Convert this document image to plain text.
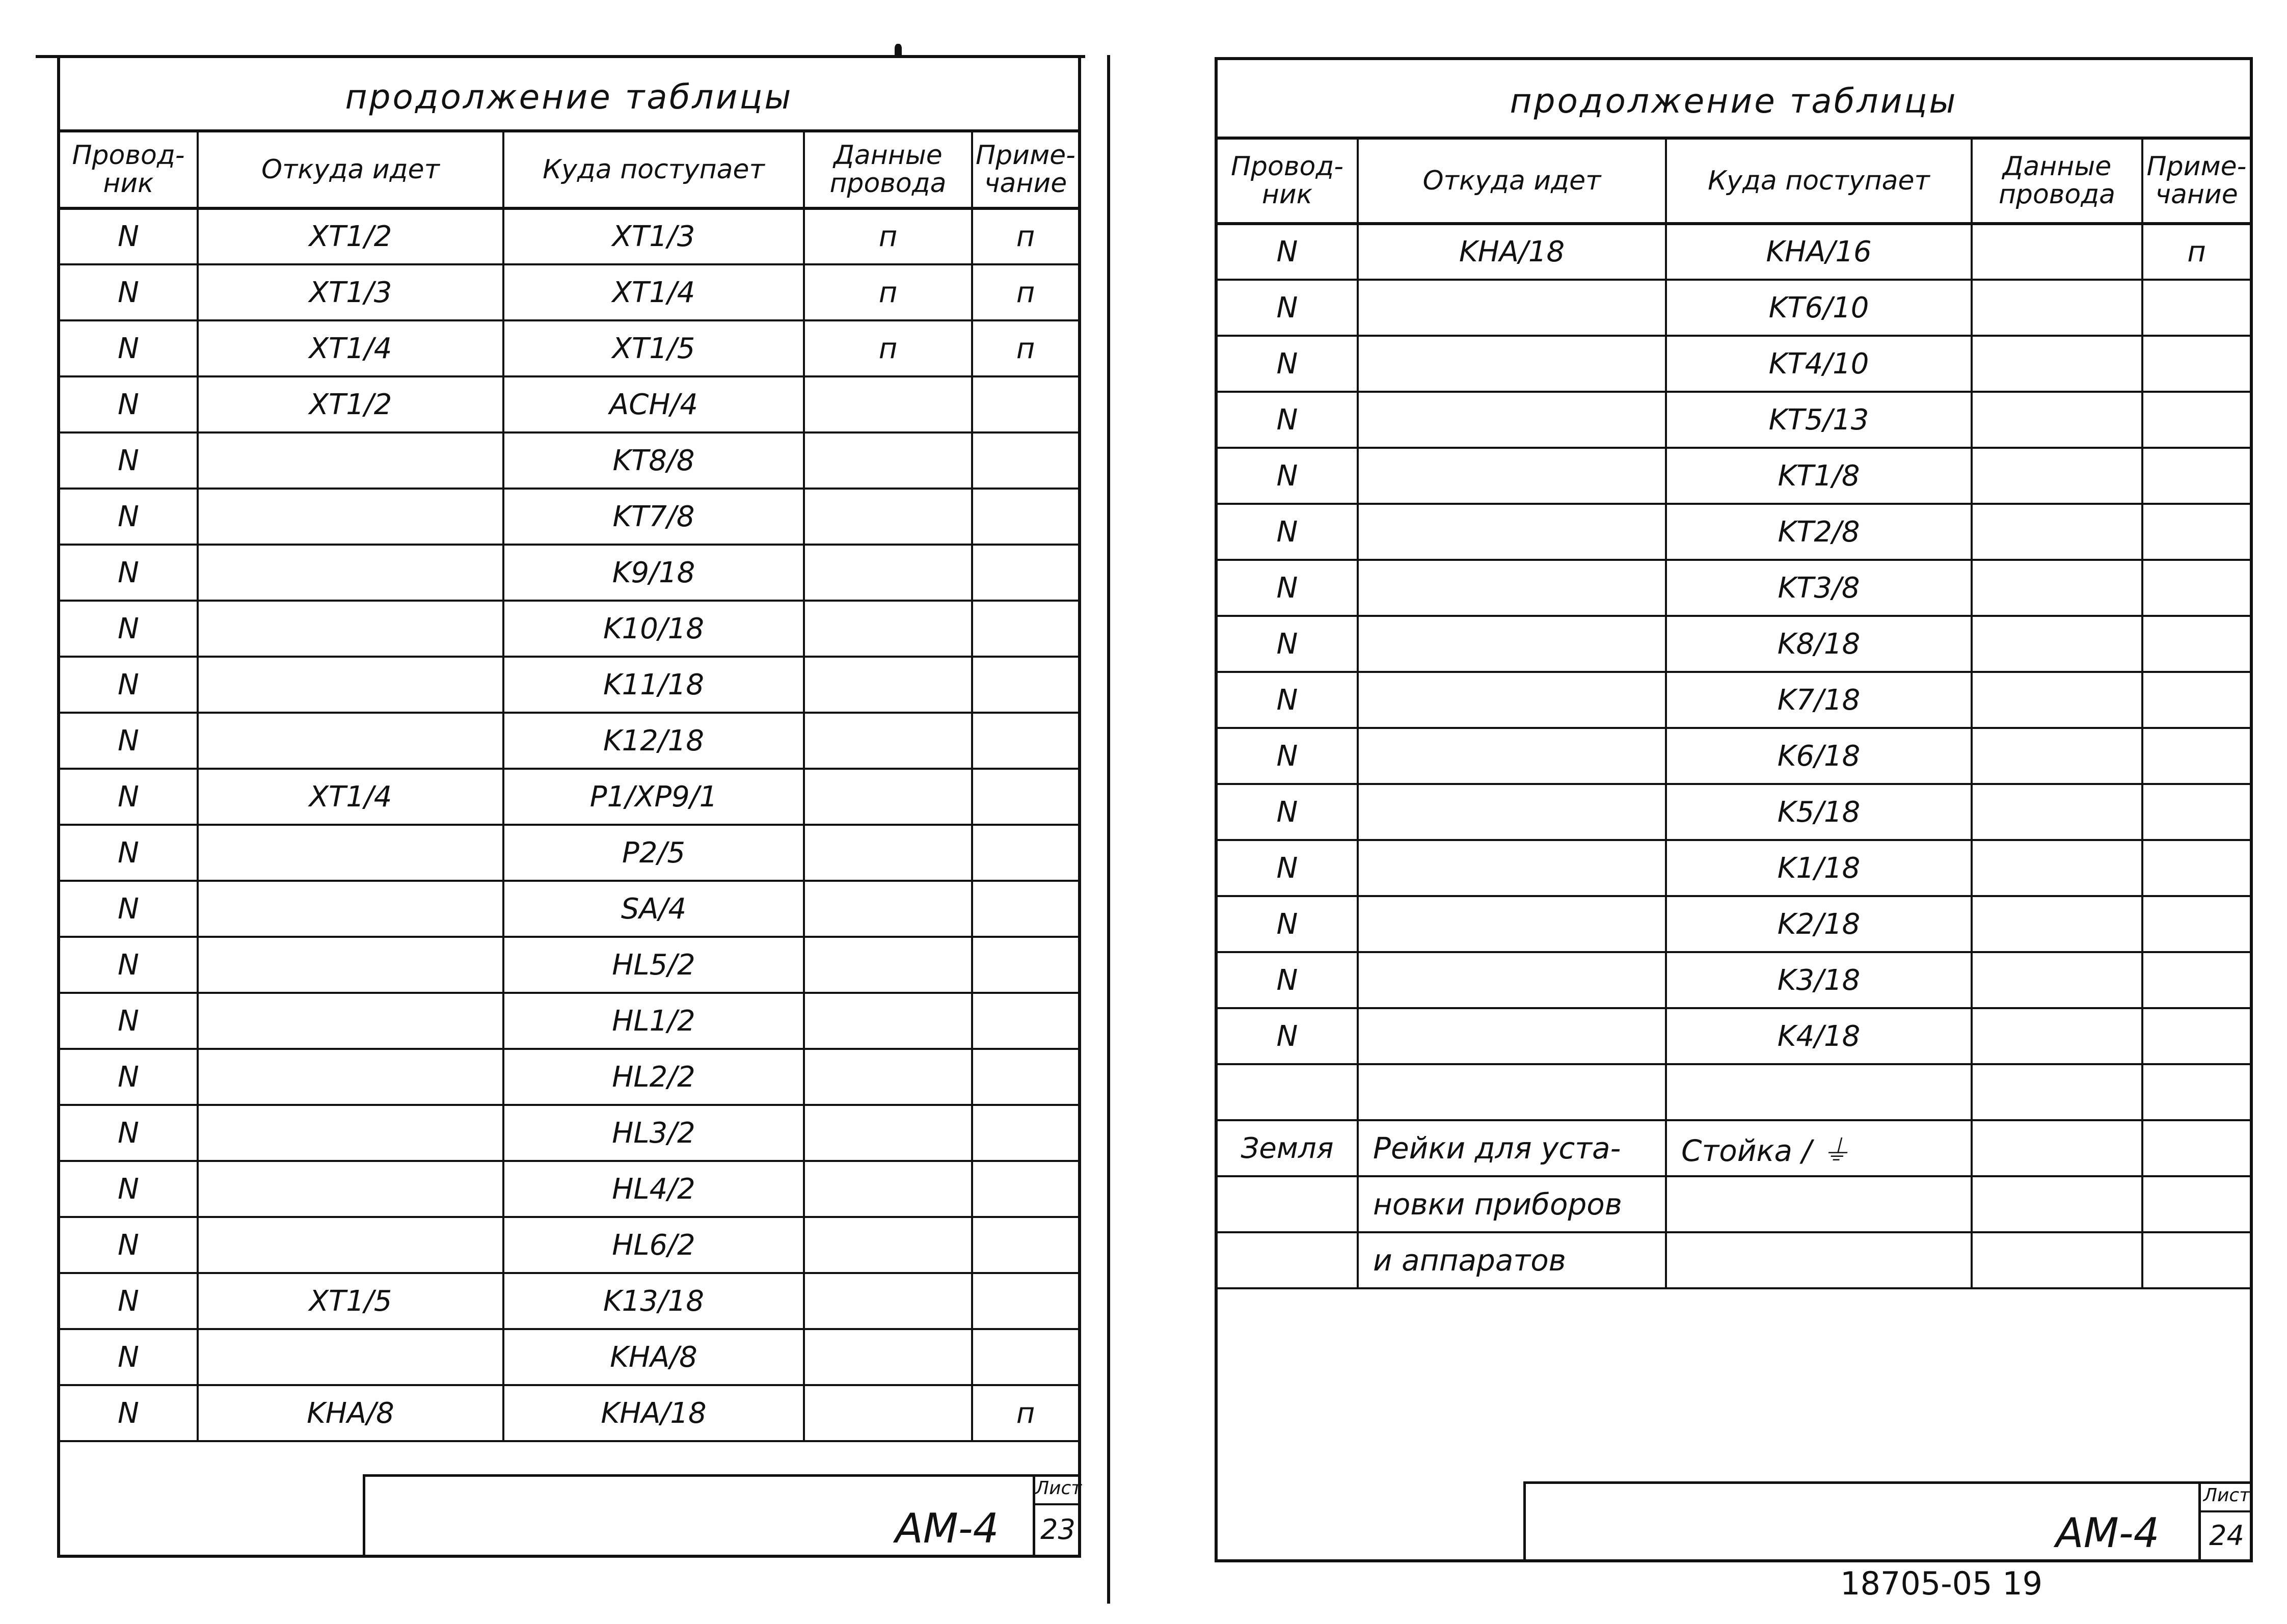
продолжение таблицы
Провод-ник	Откуда идет	Куда поступает	Данные провода	Приме-чание
N	XT1/2	XT1/3	п	п
N	XT1/3	XT1/4	п	п
N	XT1/4	XT1/5	п	п
N	XT1/2	ACH/4		
N		KT8/8		
N		KT7/8		
N		K9/18		
N		K10/18		
N		K11/18		
N		K12/18		
N	XT1/4	P1/XP9/1		
N		P2/5		
N		SA/4		
N		HL5/2		
N		HL1/2		
N		HL2/2		
N		HL3/2		
N		HL4/2		
N		HL6/2		
N	XT1/5	K13/18		
N		KHA/8		
N	KHA/8	KHA/18		п
AM-4
Лист
23
продолжение таблицы
Провод-ник	Откуда идет	Куда поступает	Данные провода	Приме-чание
N	KHA/18	KHA/16		п
N		KT6/10		
N		KT4/10		
N		KT5/13		
N		KT1/8		
N		KT2/8		
N		KT3/8		
N		K8/18		
N		K7/18		
N		K6/18		
N		K5/18		
N		K1/18		
N		K2/18		
N		K3/18		
N		K4/18		

Земля	Рейки для уста-	Стойка / ⏚		
	новки приборов			
	и аппаратов			
AM-4
Лист
24
18705-05 19
